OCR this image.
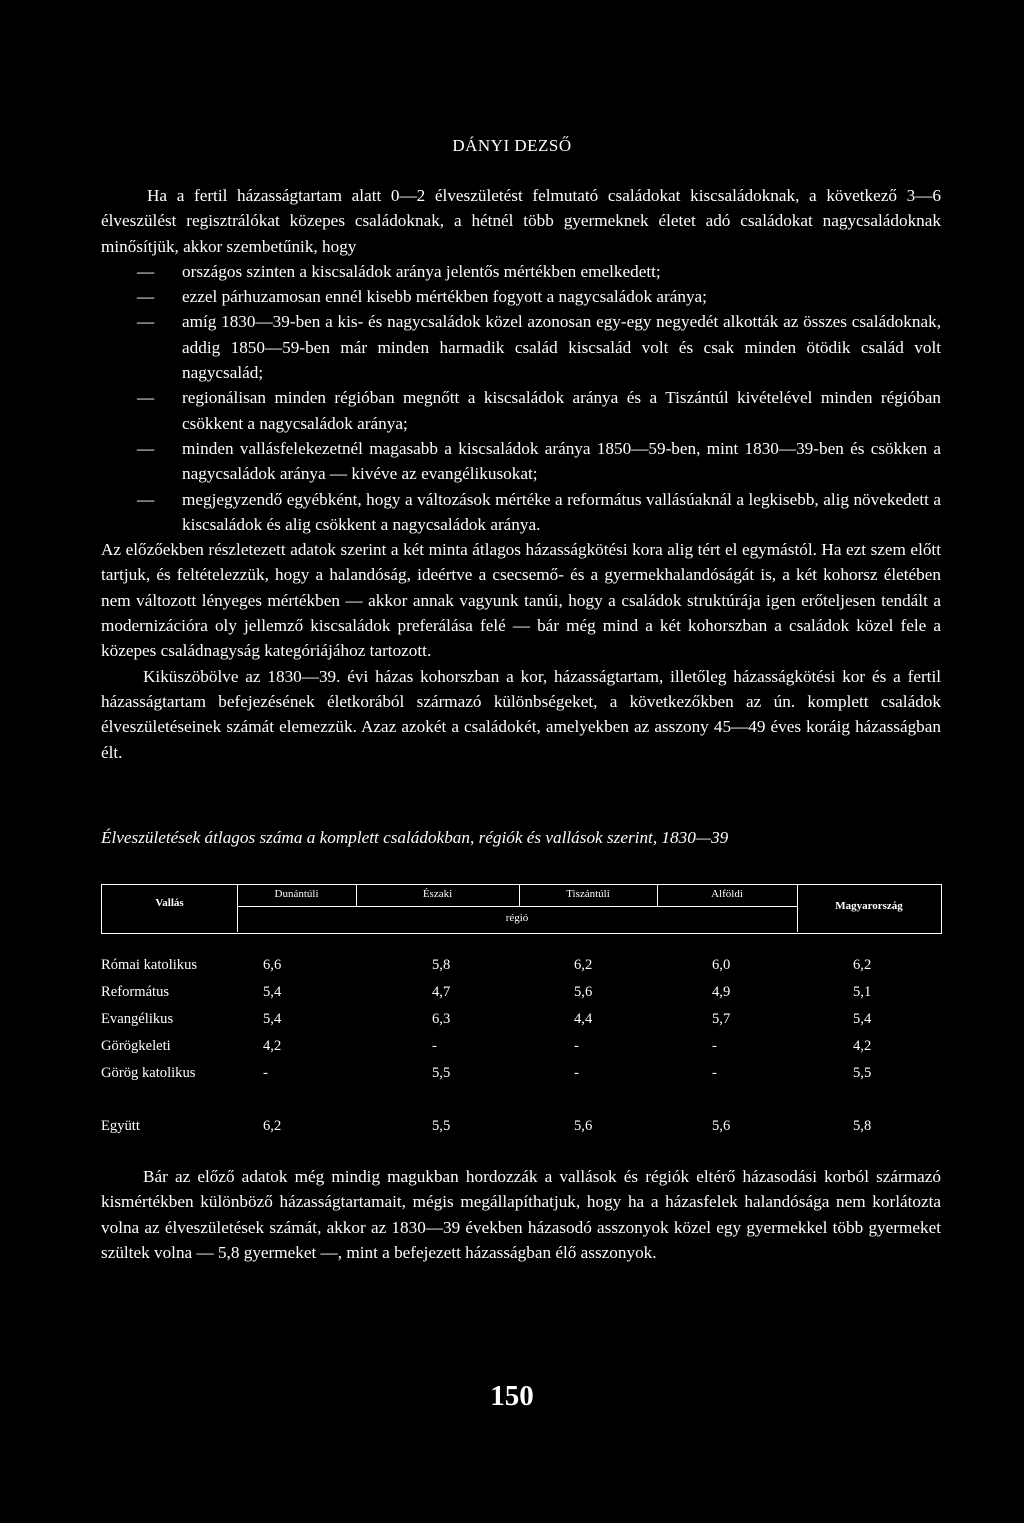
DÁNYI DEZSŐ

Ha a fertil házasságtartam alatt 0—2 élveszületést felmutató családokat kiscsaládoknak, a következő 3—6 élveszülést regisztrálókat közepes családoknak, a hétnél több gyermeknek életet adó családokat nagycsaládoknak minősítjük, akkor szembetűnik, hogy

— országos szinten a kiscsaládok aránya jelentős mértékben emelkedett;
— ezzel párhuzamosan ennél kisebb mértékben fogyott a nagycsaládok aránya;
— amíg 1830—39-ben a kis- és nagycsaládok közel azonosan egy-egy negyedét alkották az összes családoknak, addig 1850—59-ben már minden harmadik család kiscsalád volt és csak minden ötödik család volt nagycsalád;
— regionálisan minden régióban megnőtt a kiscsaládok aránya és a Tiszántúl kivételével minden régióban csökkent a nagycsaládok aránya;
— minden vallásfelekezetnél magasabb a kiscsaládok aránya 1850—59-ben, mint 1830—39-ben és csökken a nagycsaládok aránya — kivéve az evangélikusokat;
— megjegyzendő egyébként, hogy a változások mértéke a református vallásúaknál a legkisebb, alig növekedett a kiscsaládok és alig csökkent a nagycsaládok aránya.

Az előzőekben részletezett adatok szerint a két minta átlagos házasságkötési kora alig tért el egymástól. Ha ezt szem előtt tartjuk, és feltételezzük, hogy a halandóság, ideértve a csecsemő- és a gyermekhalandóságát is, a két kohorsz életében nem változott lényeges mértékben — akkor annak vagyunk tanúi, hogy a családok struktúrája igen erőteljesen tendált a modernizációra oly jellemző kiscsaládok preferálása felé — bár még mind a két kohorszban a családok közel fele a közepes családnagyság kategóriájához tartozott.

Kiküszöbölve az 1830—39. évi házas kohorszban a kor, házasságtartam, illetőleg házasságkötési kor és a fertil házasságtartam befejezésének életkorából származó különbségeket, a következőkben az ún. komplett családok élveszületéseinek számát elemezzük. Azaz azokét a családokét, amelyekben az asszony 45—49 éves koráig házasságban élt.

Élveszületések átlagos száma a komplett családokban, régiók és vallások szerint, 1830—39
Vallás
Dunántúli	Északi	Tiszántúli	Alföldi
régió
Magyarország
Római katolikus	6,6	5,8	6,2	6,0	6,2
Református	5,4	4,7	5,6	4,9	5,1
Evangélikus	5,4	6,3	4,4	5,7	5,4
Görögkeleti	4,2	-	-	-	4,2
Görög katolikus	-	5,5	-	-	5,5
Együtt	6,2	5,5	5,6	5,6	5,8

Bár az előző adatok még mindig magukban hordozzák a vallások és régiók eltérő házasodási korból származó kismértékben különböző házasságtartamait, mégis megállapíthatjuk, hogy ha a házasfelek halandósága nem korlátozta volna az élveszületések számát, akkor az 1830—39 években házasodó asszonyok közel egy gyermekkel több gyermeket szültek volna — 5,8 gyermeket —, mint a befejezett házasságban élő asszonyok.

150
